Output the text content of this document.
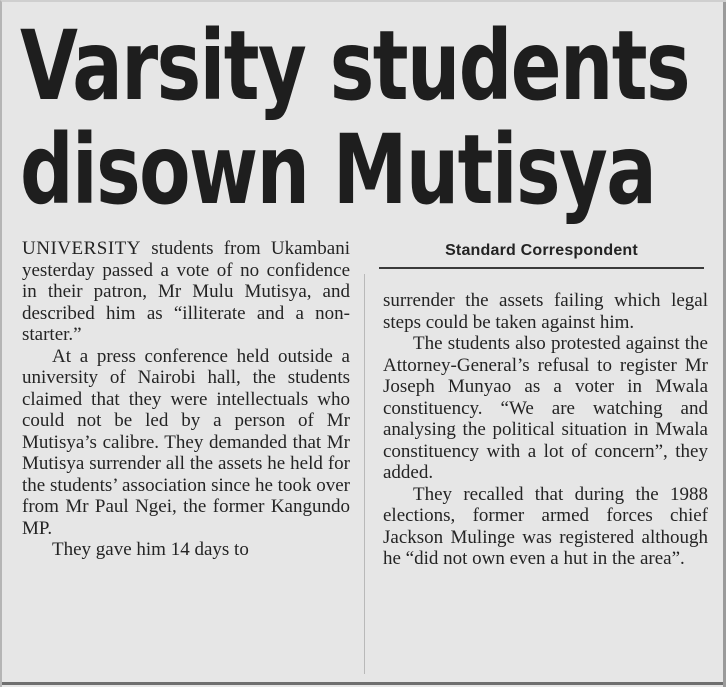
Varsity students
disown Mutisya

UNIVERSITY students from Ukambani yesterday passed a vote of no confidence in their patron, Mr Mulu Mutisya, and described him as “illiterate and a non-starter.”

At a press conference held outside a university of Nairobi hall, the students claimed that they were intellectuals who could not be led by a person of Mr Mutisya’s calibre. They demanded that Mr Mutisya surrender all the assets he held for the students’ association since he took over from Mr Paul Ngei, the former Kangundo MP.

They gave him 14 days to

Standard Correspondent

surrender the assets failing which legal steps could be taken against him.

The students also protested against the Attorney-General’s refusal to register Mr Joseph Munyao as a voter in Mwala constituency. “We are watching and analysing the political situation in Mwala constituency with a lot of concern”, they added.

They recalled that during the 1988 elections, former armed forces chief Jackson Mulinge was registered although he “did not own even a hut in the area”.
